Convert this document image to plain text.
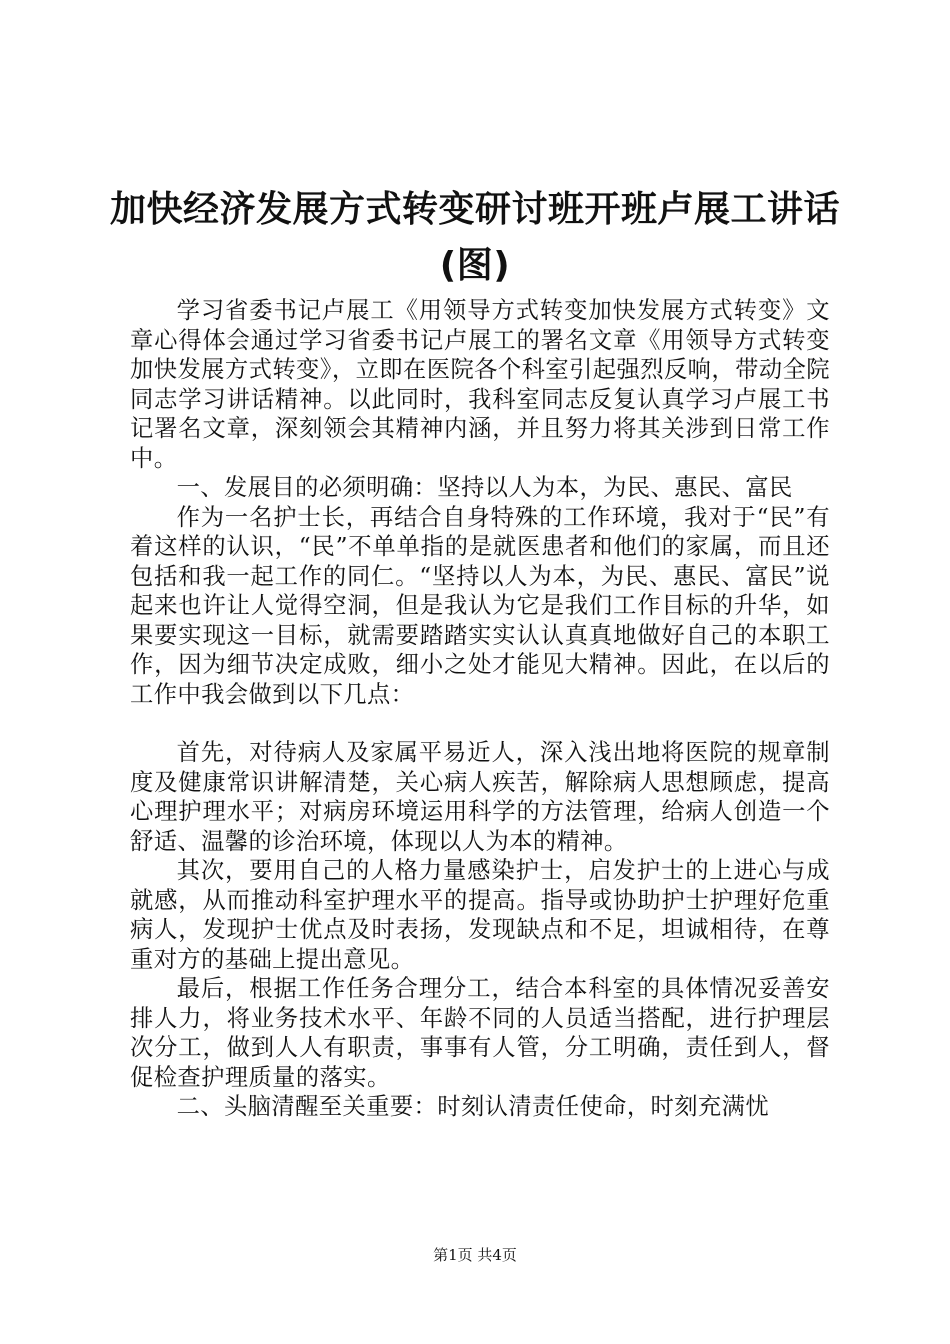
加快经济发展方式转变研讨班开班卢展工讲话(图)

学习省委书记卢展工《用领导方式转变加快发展方式转变》文章心得体会通过学习省委书记卢展工的署名文章《用领导方式转变加快发展方式转变》，立即在医院各个科室引起强烈反响，带动全院同志学习讲话精神。以此同时，我科室同志反复认真学习卢展工书记署名文章，深刻领会其精神内涵，并且努力将其关涉到日常工作中。

一、发展目的必须明确：坚持以人为本，为民、惠民、富民

作为一名护士长，再结合自身特殊的工作环境，我对于“民”有着这样的认识，“民”不单单指的是就医患者和他们的家属，而且还包括和我一起工作的同仁。“坚持以人为本，为民、惠民、富民”说起来也许让人觉得空洞，但是我认为它是我们工作目标的升华，如果要实现这一目标，就需要踏踏实实认认真真地做好自己的本职工作，因为细节决定成败，细小之处才能见大精神。因此，在以后的工作中我会做到以下几点：

首先，对待病人及家属平易近人，深入浅出地将医院的规章制度及健康常识讲解清楚，关心病人疾苦，解除病人思想顾虑，提高心理护理水平；对病房环境运用科学的方法管理，给病人创造一个舒适、温馨的诊治环境，体现以人为本的精神。

其次，要用自己的人格力量感染护士，启发护士的上进心与成就感，从而推动科室护理水平的提高。指导或协助护士护理好危重病人，发现护士优点及时表扬，发现缺点和不足，坦诚相待，在尊重对方的基础上提出意见。

最后，根据工作任务合理分工，结合本科室的具体情况妥善安排人力，将业务技术水平、年龄不同的人员适当搭配，进行护理层次分工，做到人人有职责，事事有人管，分工明确，责任到人，督促检查护理质量的落实。

二、头脑清醒至关重要：时刻认清责任使命，时刻充满忧

第1页 共4页
